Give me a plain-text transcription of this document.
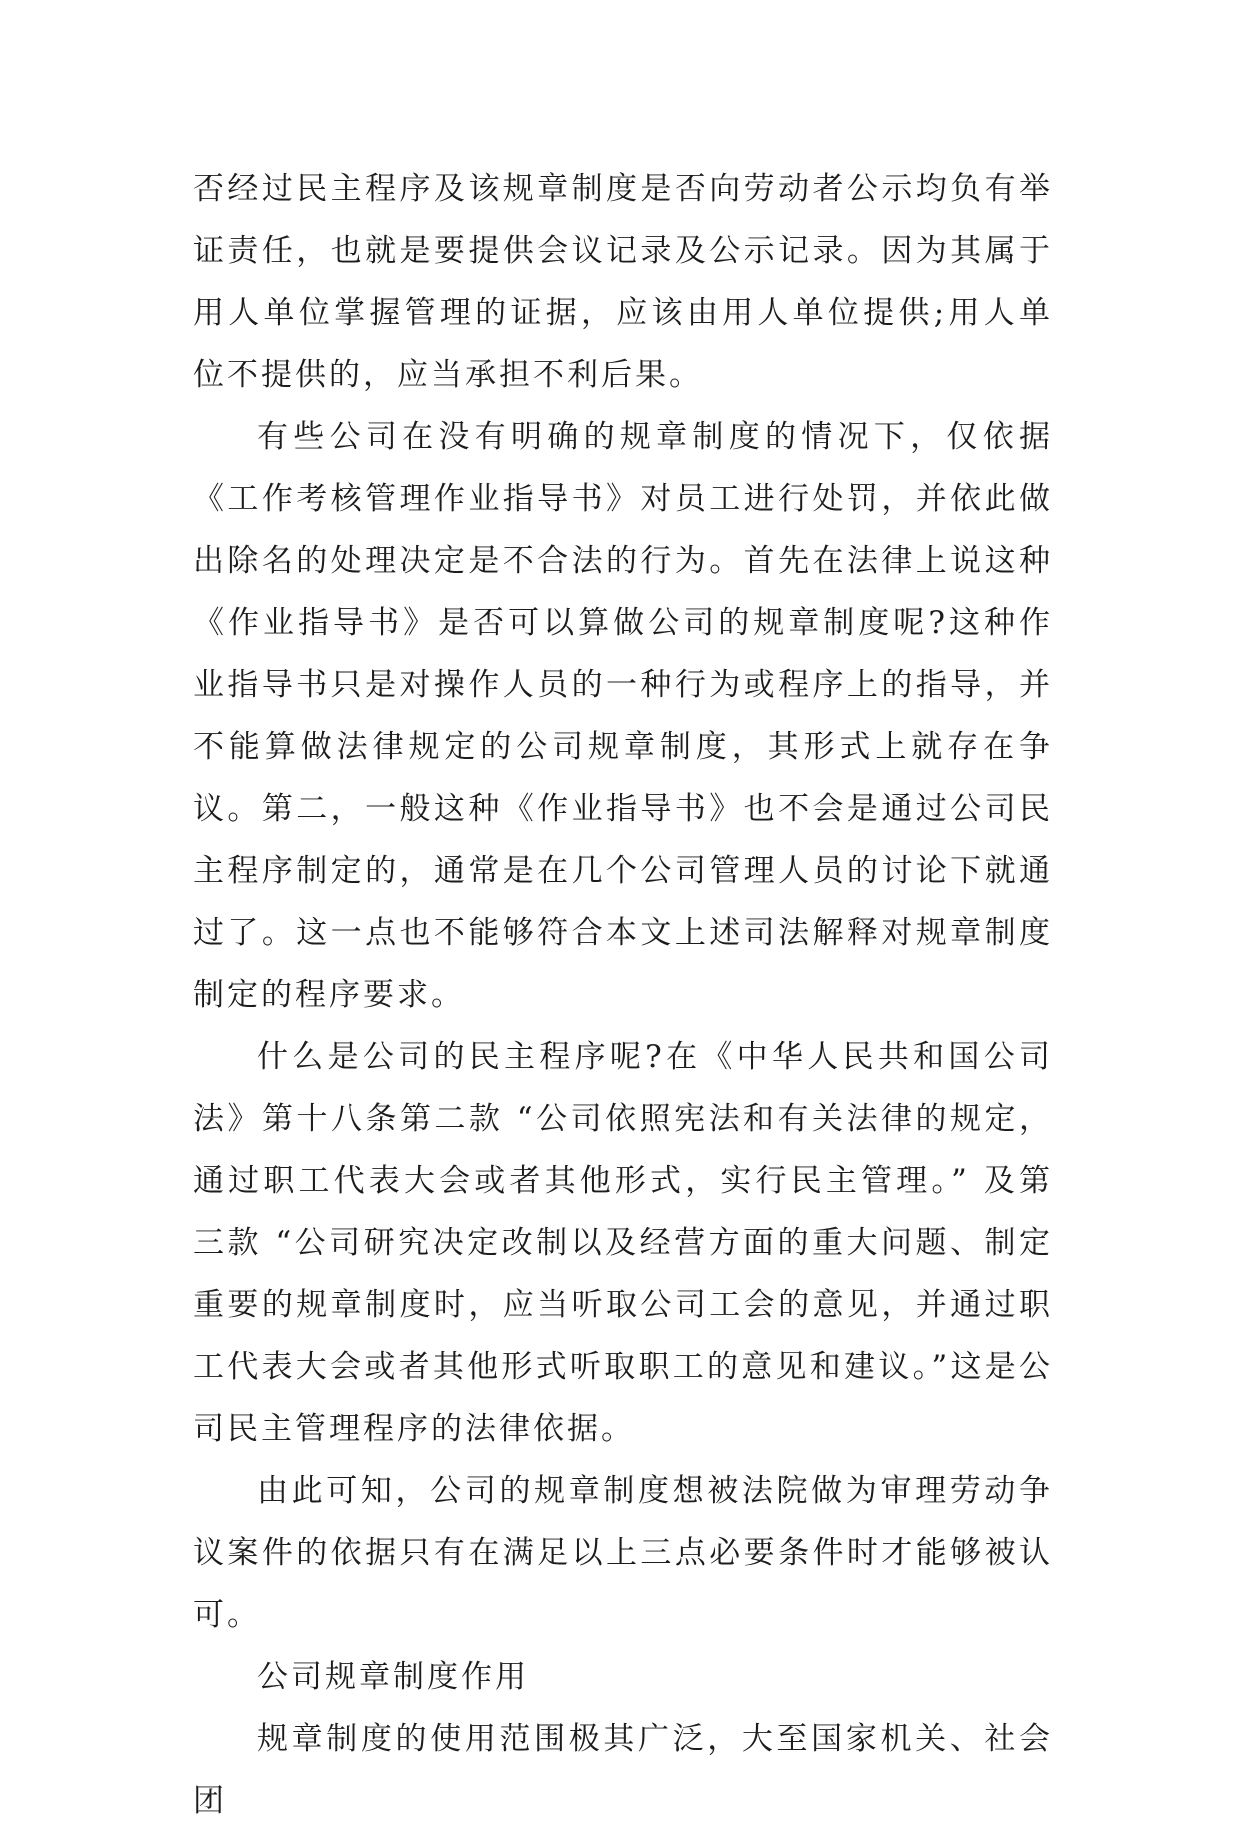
否经过民主程序及该规章制度是否向劳动者公示均负有举证责任，也就是要提供会议记录及公示记录。因为其属于用人单位掌握管理的证据，应该由用人单位提供;用人单位不提供的，应当承担不利后果。

有些公司在没有明确的规章制度的情况下，仅依据《工作考核管理作业指导书》对员工进行处罚，并依此做出除名的处理决定是不合法的行为。首先在法律上说这种《作业指导书》是否可以算做公司的规章制度呢?这种作业指导书只是对操作人员的一种行为或程序上的指导，并不能算做法律规定的公司规章制度，其形式上就存在争议。第二，一般这种《作业指导书》也不会是通过公司民主程序制定的，通常是在几个公司管理人员的讨论下就通过了。这一点也不能够符合本文上述司法解释对规章制度制定的程序要求。

什么是公司的民主程序呢?在《中华人民共和国公司法》第十八条第二款 “公司依照宪法和有关法律的规定，通过职工代表大会或者其他形式，实行民主管理。” 及第三款 “公司研究决定改制以及经营方面的重大问题、制定重要的规章制度时，应当听取公司工会的意见，并通过职工代表大会或者其他形式听取职工的意见和建议。”这是公司民主管理程序的法律依据。

由此可知，公司的规章制度想被法院做为审理劳动争议案件的依据只有在满足以上三点必要条件时才能够被认可。

公司规章制度作用

规章制度的使用范围极其广泛，大至国家机关、社会团
